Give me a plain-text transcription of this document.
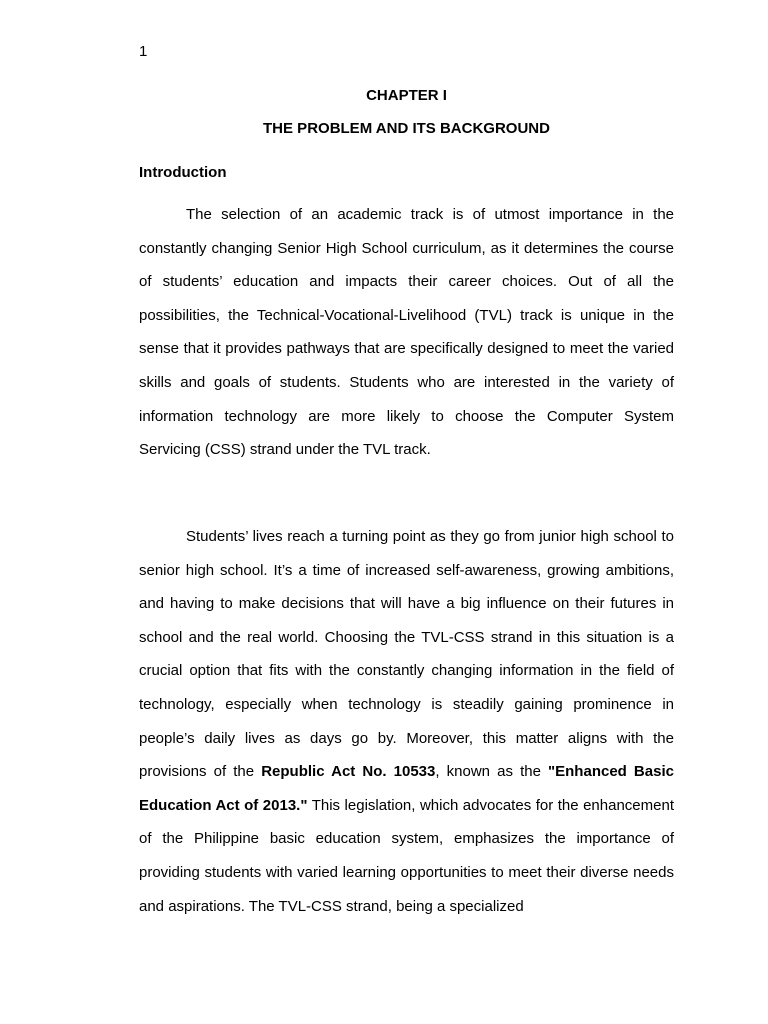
1
CHAPTER I
THE PROBLEM AND ITS BACKGROUND
Introduction

The selection of an academic track is of utmost importance in the constantly changing Senior High School curriculum, as it determines the course of students’ education and impacts their career choices. Out of all the possibilities, the Technical-Vocational-Livelihood (TVL) track is unique in the sense that it provides pathways that are specifically designed to meet the varied skills and goals of students. Students who are interested in the variety of information technology are more likely to choose the Computer System Servicing (CSS) strand under the TVL track.

Students’ lives reach a turning point as they go from junior high school to senior high school. It’s a time of increased self-awareness, growing ambitions, and having to make decisions that will have a big influence on their futures in school and the real world. Choosing the TVL-CSS strand in this situation is a crucial option that fits with the constantly changing information in the field of technology, especially when technology is steadily gaining prominence in people’s daily lives as days go by. Moreover, this matter aligns with the provisions of the Republic Act No. 10533, known as the "Enhanced Basic Education Act of 2013." This legislation, which advocates for the enhancement of the Philippine basic education system, emphasizes the importance of providing students with varied learning opportunities to meet their diverse needs and aspirations. The TVL-CSS strand, being a specialized
